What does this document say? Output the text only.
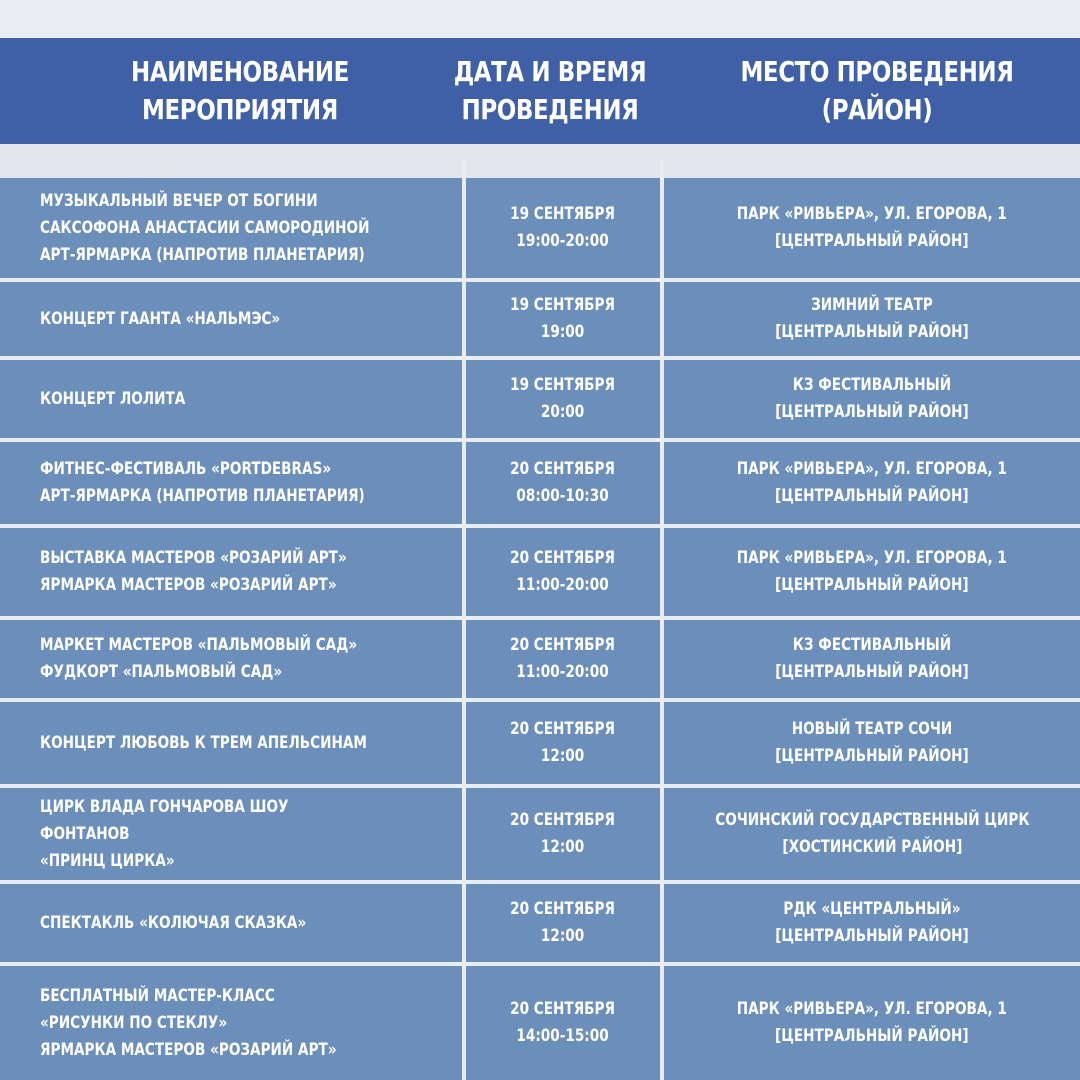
НАИМЕНОВАНИЕ
МЕРОПРИЯТИЯ
ДАТА И ВРЕМЯ
ПРОВЕДЕНИЯ
МЕСТО ПРОВЕДЕНИЯ
(РАЙОН)
МУЗЫКАЛЬНЫЙ ВЕЧЕР ОТ БОГИНИ
САКСОФОНА АНАСТАСИИ САМОРОДИНОЙ
АРТ-ЯРМАРКА (НАПРОТИВ ПЛАНЕТАРИЯ)
19 СЕНТЯБРЯ
19:00-20:00
ПАРК «РИВЬЕРА», УЛ. ЕГОРОВА, 1
[ЦЕНТРАЛЬНЫЙ РАЙОН]
КОНЦЕРТ ГААНТА «НАЛЬМЭС»
19 СЕНТЯБРЯ
19:00
ЗИМНИЙ ТЕАТР
[ЦЕНТРАЛЬНЫЙ РАЙОН]
КОНЦЕРТ ЛОЛИТА
19 СЕНТЯБРЯ
20:00
КЗ ФЕСТИВАЛЬНЫЙ
[ЦЕНТРАЛЬНЫЙ РАЙОН]
ФИТНЕС-ФЕСТИВАЛЬ «PORTDEBRAS»
АРТ-ЯРМАРКА (НАПРОТИВ ПЛАНЕТАРИЯ)
20 СЕНТЯБРЯ
08:00-10:30
ПАРК «РИВЬЕРА», УЛ. ЕГОРОВА, 1
[ЦЕНТРАЛЬНЫЙ РАЙОН]
ВЫСТАВКА МАСТЕРОВ «РОЗАРИЙ АРТ»
ЯРМАРКА МАСТЕРОВ «РОЗАРИЙ АРТ»
20 СЕНТЯБРЯ
11:00-20:00
ПАРК «РИВЬЕРА», УЛ. ЕГОРОВА, 1
[ЦЕНТРАЛЬНЫЙ РАЙОН]
МАРКЕТ МАСТЕРОВ «ПАЛЬМОВЫЙ САД»
ФУДКОРТ «ПАЛЬМОВЫЙ САД»
20 СЕНТЯБРЯ
11:00-20:00
КЗ ФЕСТИВАЛЬНЫЙ
[ЦЕНТРАЛЬНЫЙ РАЙОН]
КОНЦЕРТ ЛЮБОВЬ К ТРЕМ АПЕЛЬСИНАМ
20 СЕНТЯБРЯ
12:00
НОВЫЙ ТЕАТР СОЧИ
[ЦЕНТРАЛЬНЫЙ РАЙОН]
ЦИРК ВЛАДА ГОНЧАРОВА ШОУ ФОНТАНОВ
«ПРИНЦ ЦИРКА»
20 СЕНТЯБРЯ
12:00
СОЧИНСКИЙ ГОСУДАРСТВЕННЫЙ ЦИРК
[ХОСТИНСКИЙ РАЙОН]
СПЕКТАКЛЬ «КОЛЮЧАЯ СКАЗКА»
20 СЕНТЯБРЯ
12:00
РДК «ЦЕНТРАЛЬНЫЙ»
[ЦЕНТРАЛЬНЫЙ РАЙОН]
БЕСПЛАТНЫЙ МАСТЕР-КЛАСС
«РИСУНКИ ПО СТЕКЛУ»
ЯРМАРКА МАСТЕРОВ «РОЗАРИЙ АРТ»
20 СЕНТЯБРЯ
14:00-15:00
ПАРК «РИВЬЕРА», УЛ. ЕГОРОВА, 1
[ЦЕНТРАЛЬНЫЙ РАЙОН]
